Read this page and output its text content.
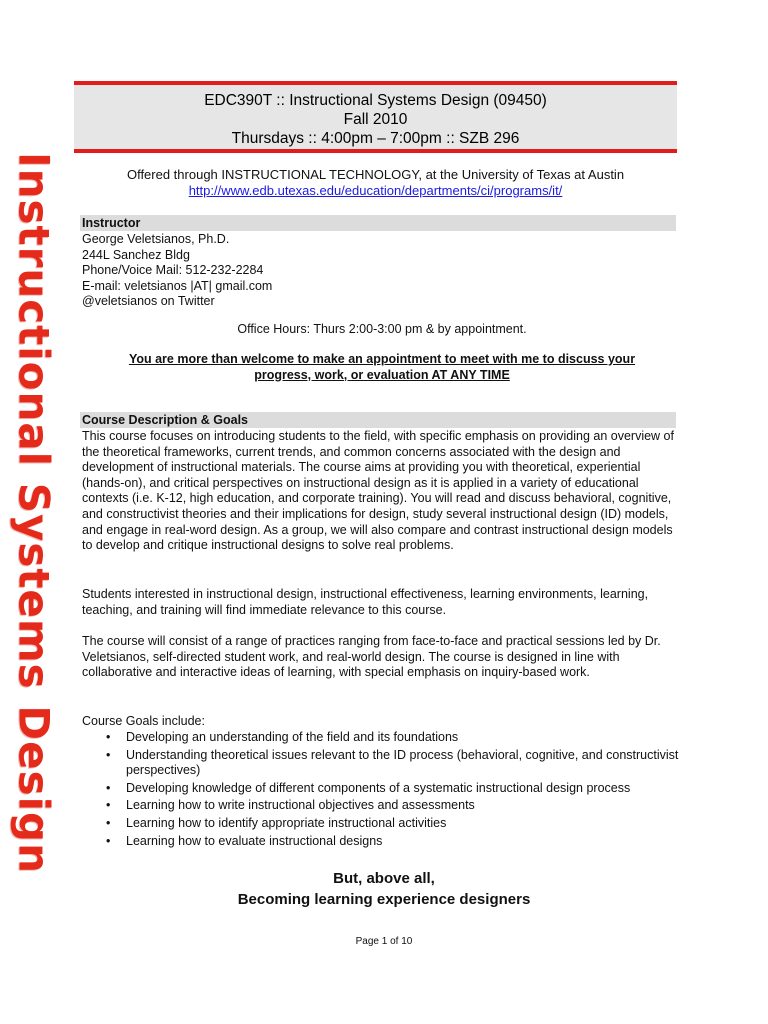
Instructional Systems Design
EDC390T :: Instructional Systems Design (09450)
Fall 2010
Thursdays :: 4:00pm – 7:00pm :: SZB 296
Offered through INSTRUCTIONAL TECHNOLOGY, at the University of Texas at Austin
http://www.edb.utexas.edu/education/departments/ci/programs/it/
Instructor
George Veletsianos, Ph.D.
244L Sanchez Bldg
Phone/Voice Mail: 512-232-2284
E-mail: veletsianos |AT| gmail.com
@veletsianos on Twitter
Office Hours: Thurs 2:00-3:00 pm & by appointment.
You are more than welcome to make an appointment to meet with me to discuss your
progress, work, or evaluation AT ANY TIME
Course Description & Goals
This course focuses on introducing students to the field, with specific emphasis on providing an overview of the theoretical frameworks, current trends, and common concerns associated with the design and development of instructional materials. The course aims at providing you with theoretical, experiential (hands-on), and critical perspectives on instructional design as it is applied in a variety of educational contexts (i.e. K-12, high education, and corporate training). You will read and discuss behavioral, cognitive, and constructivist theories and their implications for design, study several instructional design (ID) models, and engage in real-word design. As a group, we will also compare and contrast instructional design models to develop and critique instructional designs to solve real problems.
Students interested in instructional design, instructional effectiveness, learning environments, learning, teaching, and training will find immediate relevance to this course.
The course will consist of a range of practices ranging from face-to-face and practical sessions led by Dr. Veletsianos, self-directed student work, and real-world design. The course is designed in line with collaborative and interactive ideas of learning, with special emphasis on inquiry-based work.
Course Goals include:
• Developing an understanding of the field and its foundations
• Understanding theoretical issues relevant to the ID process (behavioral, cognitive, and constructivist perspectives)
• Developing knowledge of different components of a systematic instructional design process
• Learning how to write instructional objectives and assessments
• Learning how to identify appropriate instructional activities
• Learning how to evaluate instructional designs
But, above all,
Becoming learning experience designers
Page 1 of 10
